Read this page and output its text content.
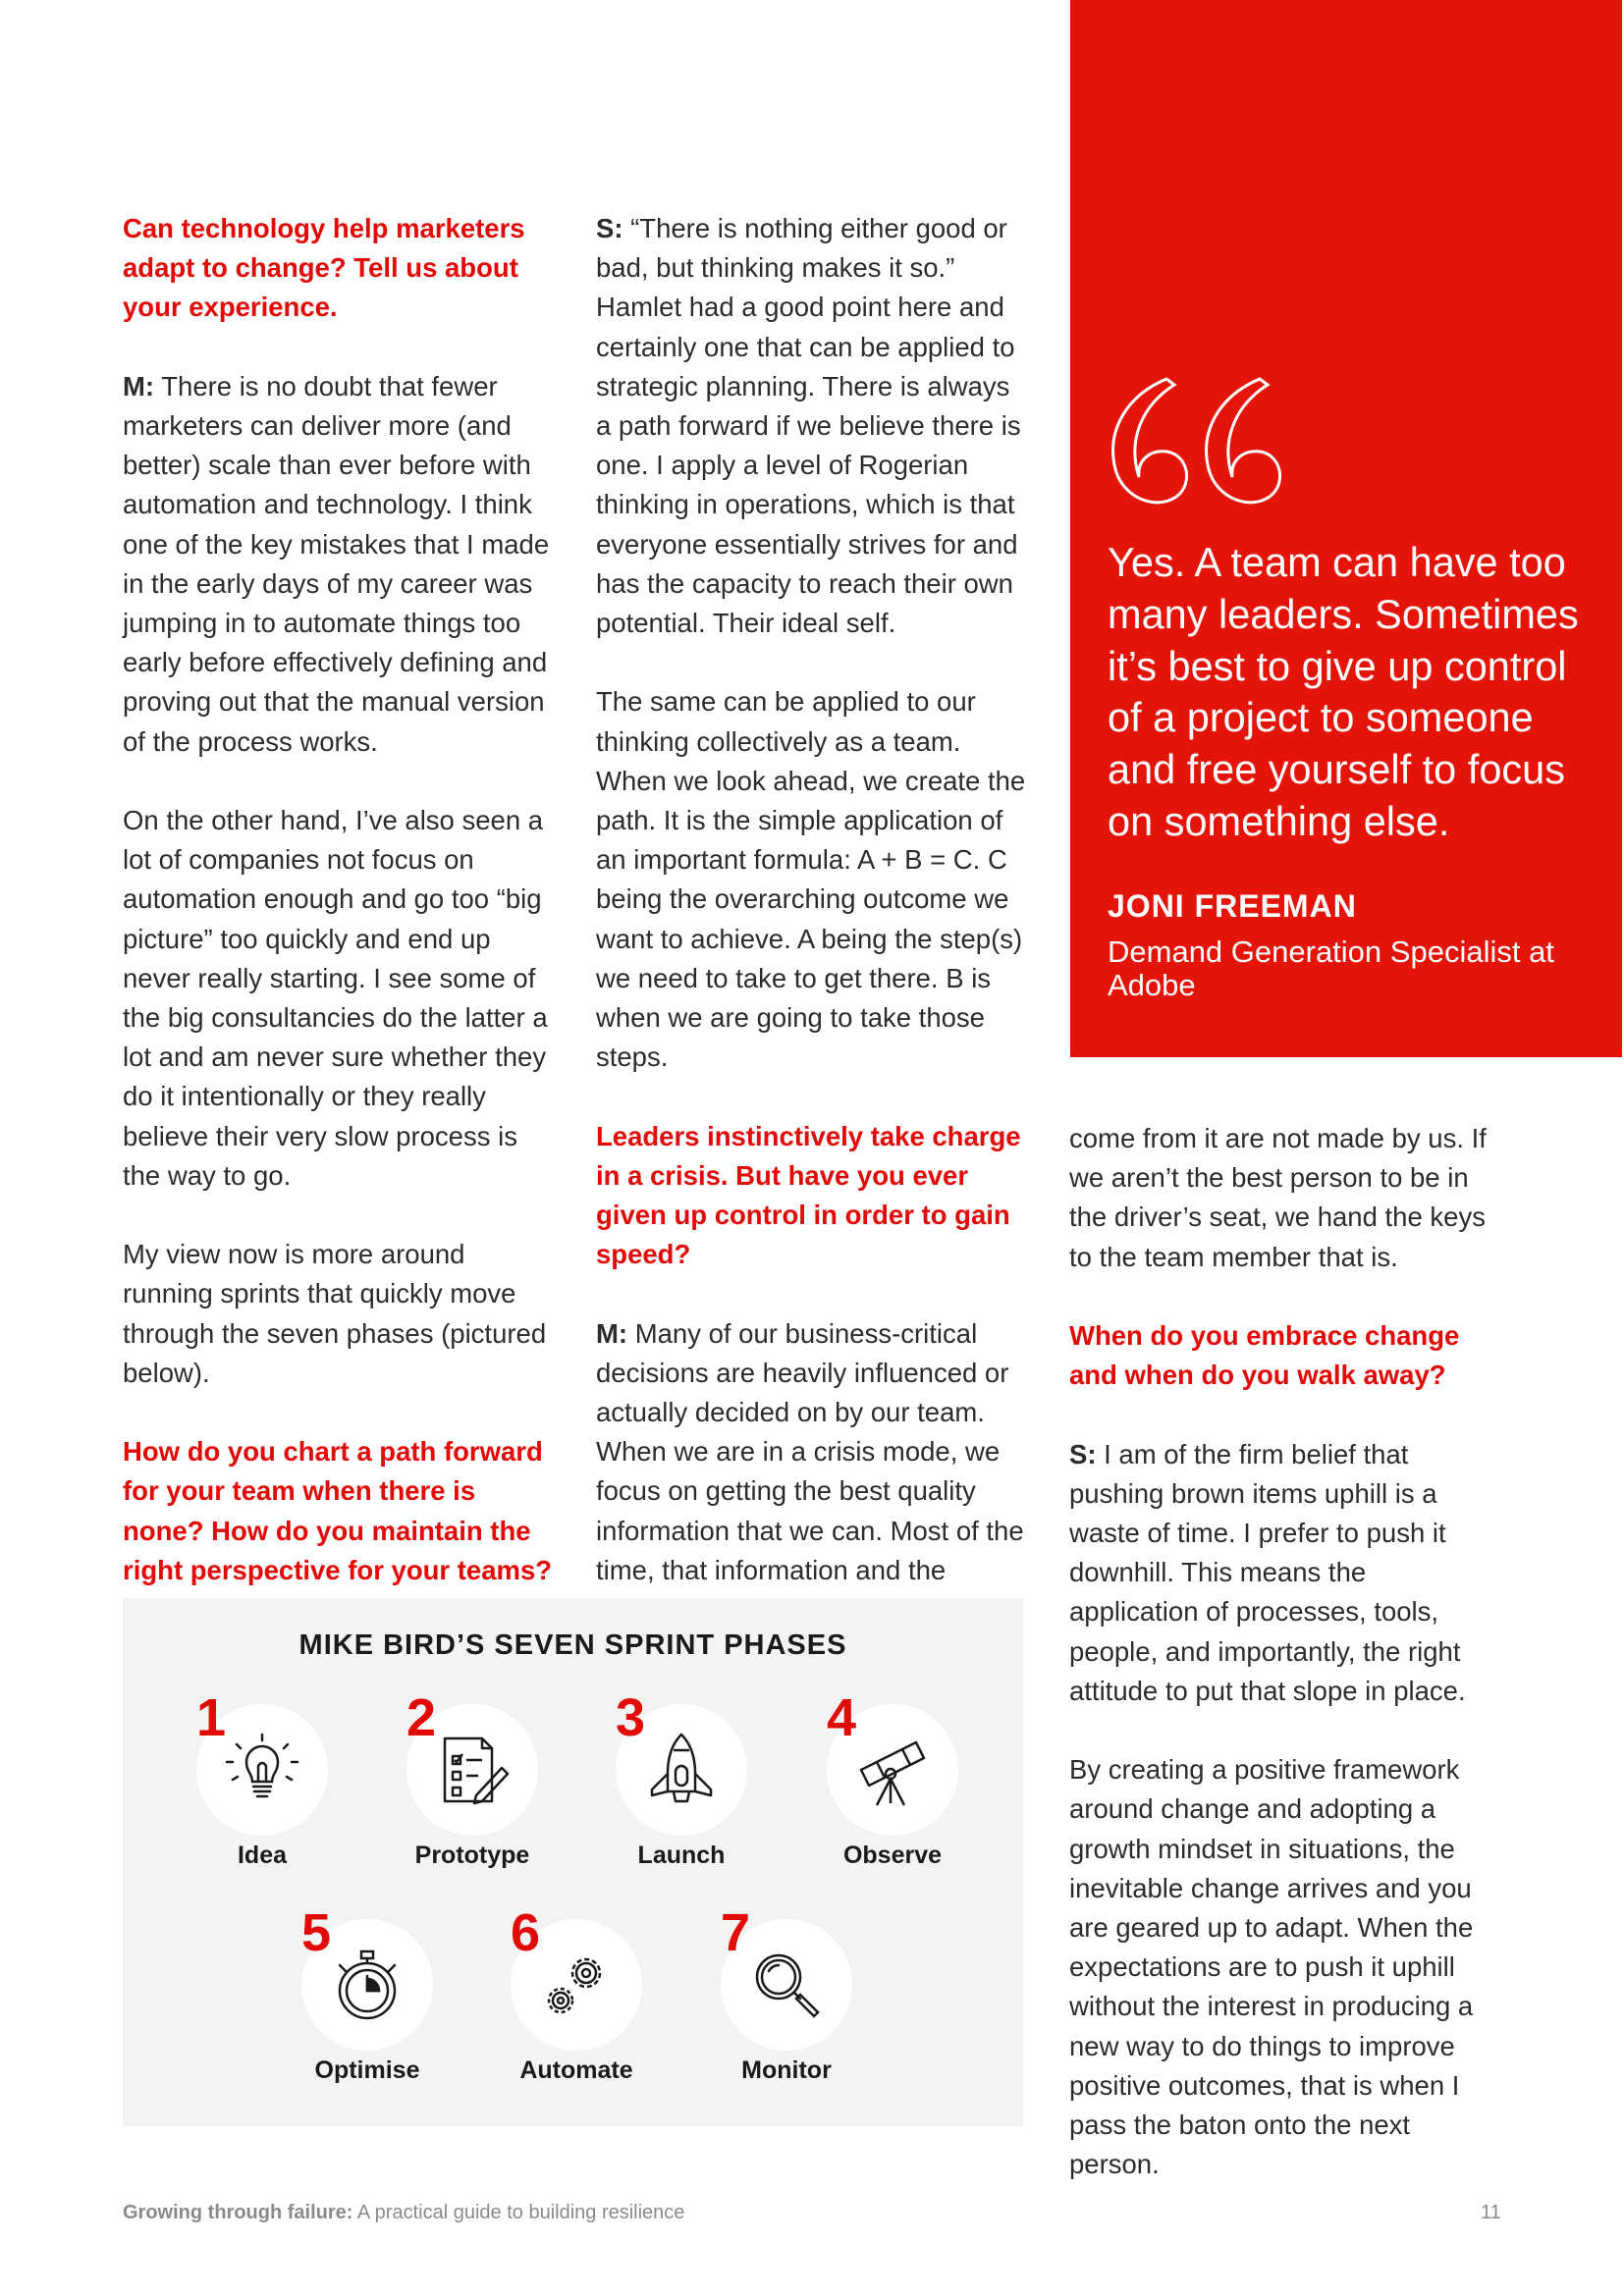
Can technology help marketers adapt to change? Tell us about your experience.

M: There is no doubt that fewer marketers can deliver more (and better) scale than ever before with automation and technology. I think one of the key mistakes that I made in the early days of my career was jumping in to automate things too early before effectively defining and proving out that the manual version of the process works.

On the other hand, I’ve also seen a lot of companies not focus on automation enough and go too “big picture” too quickly and end up never really starting. I see some of the big consultancies do the latter a lot and am never sure whether they do it intentionally or they really believe their very slow process is the way to go.

My view now is more around running sprints that quickly move through the seven phases (pictured below).

How do you chart a path forward for your team when there is none? How do you maintain the right perspective for your teams?

S: “There is nothing either good or bad, but thinking makes it so.” Hamlet had a good point here and certainly one that can be applied to strategic planning. There is always a path forward if we believe there is one. I apply a level of Rogerian thinking in operations, which is that everyone essentially strives for and has the capacity to reach their own potential. Their ideal self.

The same can be applied to our thinking collectively as a team. When we look ahead, we create the path. It is the simple application of an important formula: A + B = C. C being the overarching outcome we want to achieve. A being the step(s) we need to take to get there. B is when we are going to take those steps.

Leaders instinctively take charge in a crisis. But have you ever given up control in order to gain speed?

M: Many of our business-critical decisions are heavily influenced or actually decided on by our team. When we are in a crisis mode, we focus on getting the best quality information that we can. Most of the time, that information and the

Yes. A team can have too many leaders. Sometimes it’s best to give up control of a project to someone and free yourself to focus on something else.

JONI FREEMAN

Demand Generation Specialist at Adobe

come from it are not made by us. If we aren’t the best person to be in the driver’s seat, we hand the keys to the team member that is.

When do you embrace change and when do you walk away?

S: I am of the firm belief that pushing brown items uphill is a waste of time. I prefer to push it downhill. This means the application of processes, tools, people, and importantly, the right attitude to put that slope in place.

By creating a positive framework around change and adopting a growth mindset in situations, the inevitable change arrives and you are geared up to adapt. When the expectations are to push it uphill without the interest in producing a new way to do things to improve positive outcomes, that is when I pass the baton onto the next person.

MIKE BIRD’S SEVEN SPRINT PHASES

1

Idea

2

Prototype

3

Launch

4

Observe

5

Optimise

6

Automate

7

Monitor

Growing through failure: A practical guide to building resilience	11
